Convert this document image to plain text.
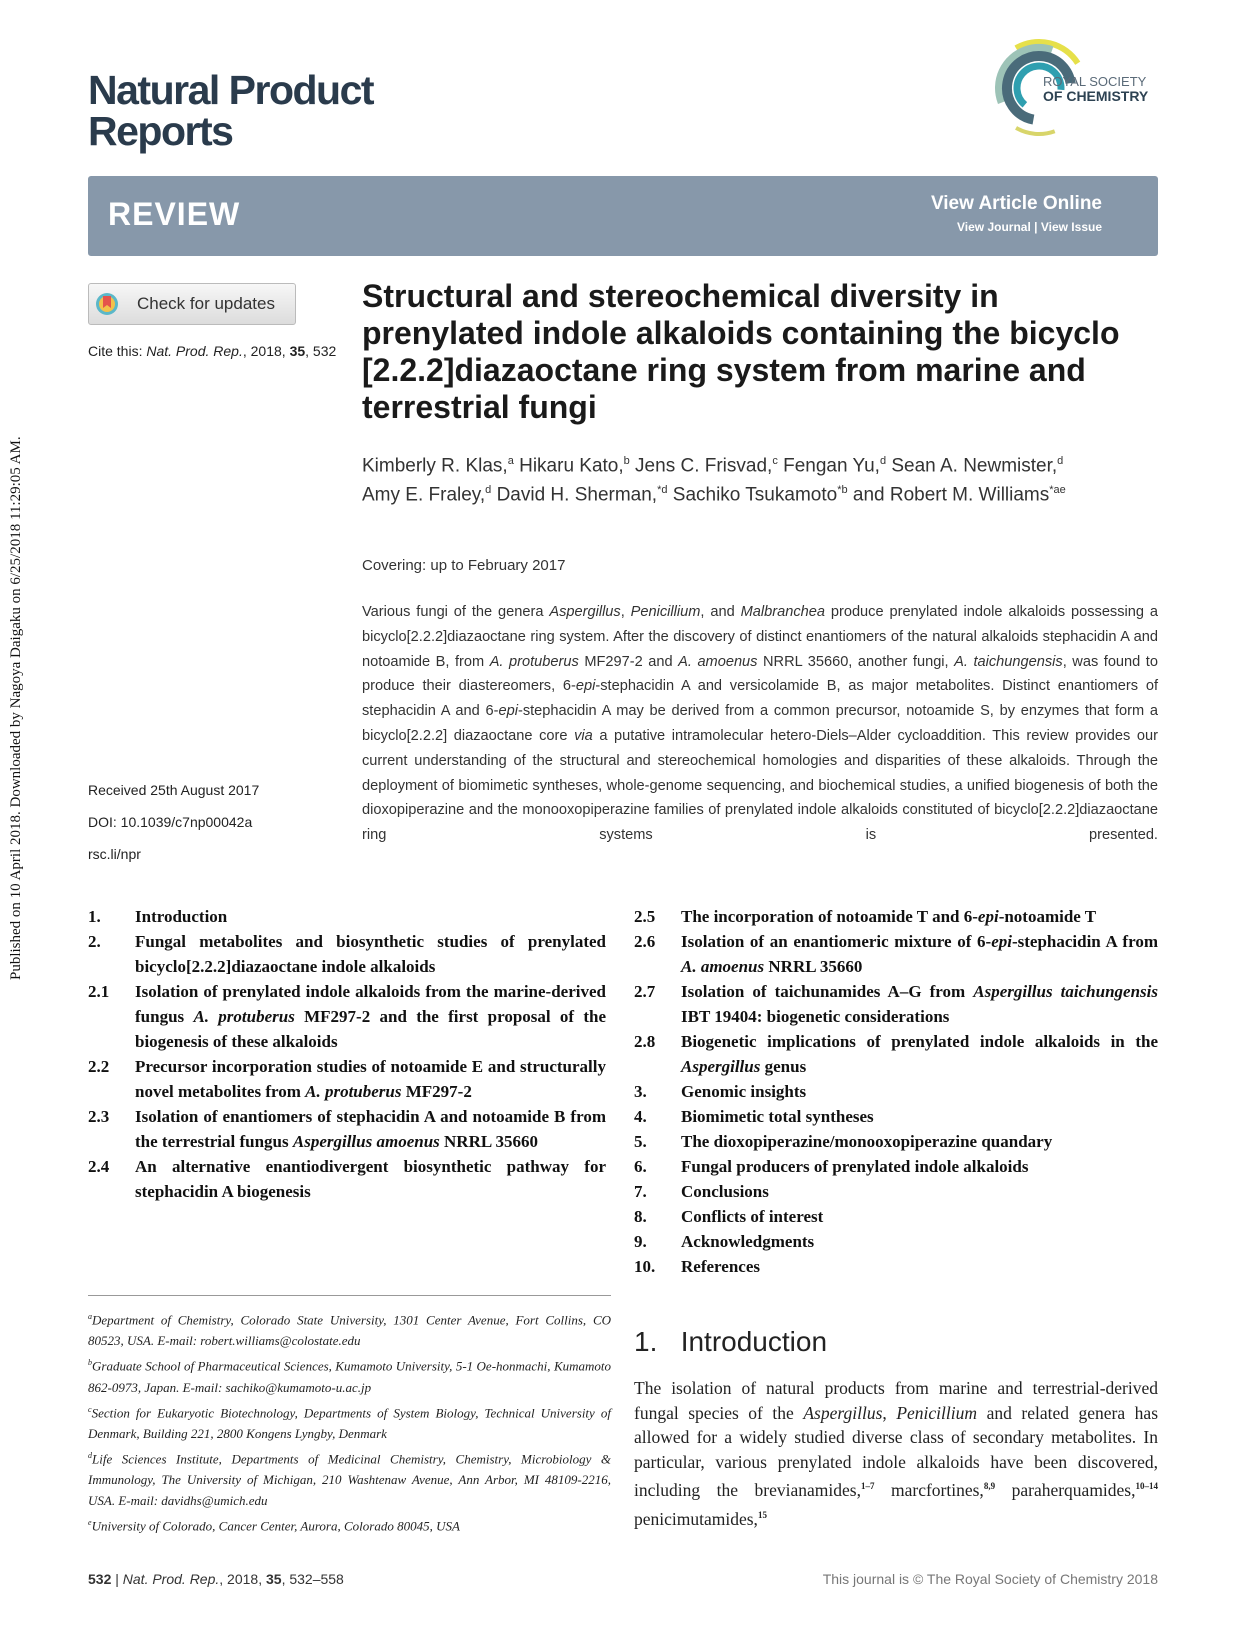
Published on 10 April 2018. Downloaded by Nagoya Daigaku on 6/25/2018 11:29:05 AM.
Natural Product
Reports
ROYAL SOCIETY
OF CHEMISTRY
REVIEW	View Article Online
View Journal | View Issue
Check for updates
Cite this: Nat. Prod. Rep., 2018, 35, 532
Received 25th August 2017
DOI: 10.1039/c7np00042a
rsc.li/npr
Structural and stereochemical diversity in prenylated indole alkaloids containing the bicyclo [2.2.2]diazaoctane ring system from marine and terrestrial fungi
Kimberly R. Klas,$^a$ Hikaru Kato,$^b$ Jens C. Frisvad,$^c$ Fengan Yu,$^d$ Sean A. Newmister,$^d$
Amy E. Fraley,$^d$ David H. Sherman,$^{*d}$ Sachiko Tsukamoto$^{*b}$ and Robert M. Williams$^{*ae}$
Covering: up to February 2017

Various fungi of the genera Aspergillus, Penicillium, and Malbranchea produce prenylated indole alkaloids possessing a bicyclo[2.2.2]diazaoctane ring system. After the discovery of distinct enantiomers of the natural alkaloids stephacidin A and notoamide B, from A. protuberus MF297-2 and A. amoenus NRRL 35660, another fungi, A. taichungensis, was found to produce their diastereomers, 6-epi-stephacidin A and versicolamide B, as major metabolites. Distinct enantiomers of stephacidin A and 6-epi-stephacidin A may be derived from a common precursor, notoamide S, by enzymes that form a bicyclo[2.2.2] diazaoctane core via a putative intramolecular hetero-Diels–Alder cycloaddition. This review provides our current understanding of the structural and stereochemical homologies and disparities of these alkaloids. Through the deployment of biomimetic syntheses, whole-genome sequencing, and biochemical studies, a unified biogenesis of both the dioxopiperazine and the monooxopiperazine families of prenylated indole alkaloids constituted of bicyclo[2.2.2]diazaoctane ring systems is presented.

1. Introduction
2. Fungal metabolites and biosynthetic studies of prenylated bicyclo[2.2.2]diazaoctane indole alkaloids
2.1 Isolation of prenylated indole alkaloids from the marine-derived fungus A. protuberus MF297-2 and the first proposal of the biogenesis of these alkaloids
2.2 Precursor incorporation studies of notoamide E and structurally novel metabolites from A. protuberus MF297-2
2.3 Isolation of enantiomers of stephacidin A and notoamide B from the terrestrial fungus Aspergillus amoenus NRRL 35660
2.4 An alternative enantiodivergent biosynthetic pathway for stephacidin A biogenesis
2.5 The incorporation of notoamide T and 6-epi-notoamide T
2.6 Isolation of an enantiomeric mixture of 6-epi-stephacidin A from A. amoenus NRRL 35660
2.7 Isolation of taichunamides A–G from Aspergillus taichungensis IBT 19404: biogenetic considerations
2.8 Biogenetic implications of prenylated indole alkaloids in the Aspergillus genus
3. Genomic insights
4. Biomimetic total syntheses
5. The dioxopiperazine/monooxopiperazine quandary
6. Fungal producers of prenylated indole alkaloids
7. Conclusions
8. Conflicts of interest
9. Acknowledgments
10. References

$^a$Department of Chemistry, Colorado State University, 1301 Center Avenue, Fort Collins, CO 80523, USA. E-mail: robert.williams@colostate.edu

$^b$Graduate School of Pharmaceutical Sciences, Kumamoto University, 5-1 Oe-honmachi, Kumamoto 862-0973, Japan. E-mail: sachiko@kumamoto-u.ac.jp

$^c$Section for Eukaryotic Biotechnology, Departments of System Biology, Technical University of Denmark, Building 221, 2800 Kongens Lyngby, Denmark

$^d$Life Sciences Institute, Departments of Medicinal Chemistry, Chemistry, Microbiology & Immunology, The University of Michigan, 210 Washtenaw Avenue, Ann Arbor, MI 48109-2216, USA. E-mail: davidhs@umich.edu

$^e$University of Colorado, Cancer Center, Aurora, Colorado 80045, USA

1. Introduction
The isolation of natural products from marine and terrestrial-derived fungal species of the Aspergillus, Penicillium and related genera has allowed for a widely studied diverse class of secondary metabolites. In particular, various prenylated indole alkaloids have been discovered, including the brevianamides,$^{1-7}$ marcfortines,$^{8,9}$ paraherquamides,$^{10-14}$ penicimutamides,$^{15}$
532 | Nat. Prod. Rep., 2018, 35, 532–558	This journal is © The Royal Society of Chemistry 2018
